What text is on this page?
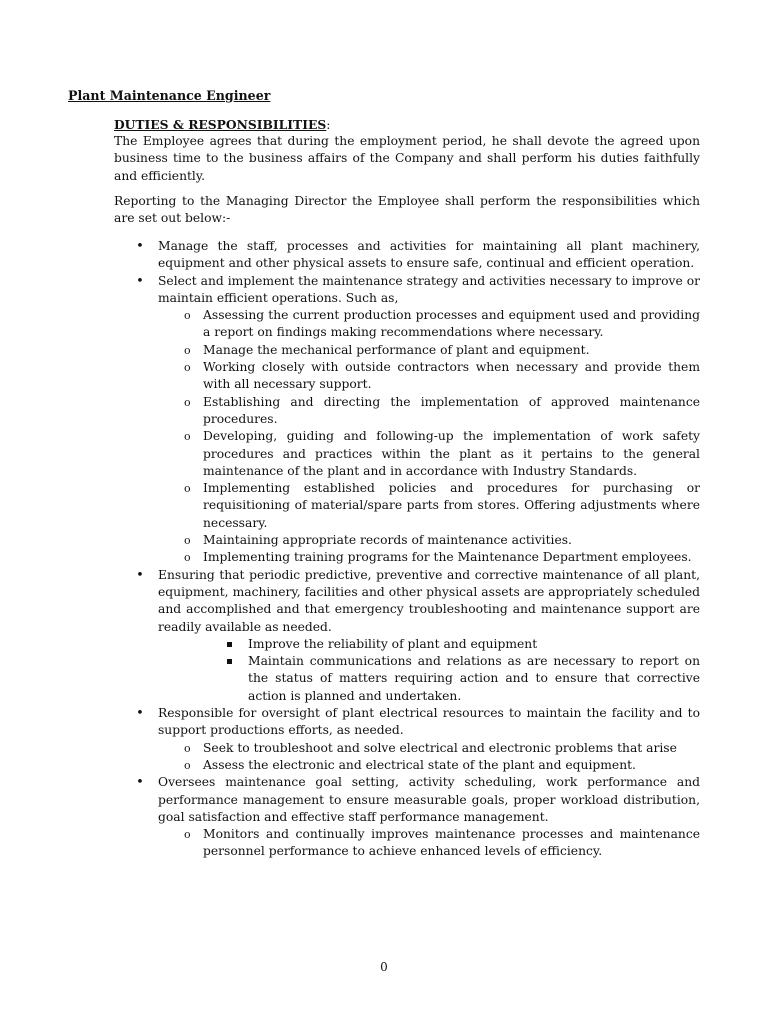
Plant Maintenance Engineer
DUTIES & RESPONSIBILITIES:

The Employee agrees that during the employment period, he shall devote the agreed upon business time to the business affairs of the Company and shall perform his duties faithfully and efficiently.

Reporting to the Managing Director the Employee shall perform the responsibilities which are set out below:-

• Manage the staff, processes and activities for maintaining all plant machinery, equipment and other physical assets to ensure safe, continual and efficient operation.
• Select and implement the maintenance strategy and activities necessary to improve or maintain efficient operations. Such as,
o Assessing the current production processes and equipment used and providing a report on findings making recommendations where necessary.
o Manage the mechanical performance of plant and equipment.
o Working closely with outside contractors when necessary and provide them with all necessary support.
o Establishing and directing the implementation of approved maintenance procedures.
o Developing, guiding and following-up the implementation of work safety procedures and practices within the plant as it pertains to the general maintenance of the plant and in accordance with Industry Standards.
o Implementing established policies and procedures for purchasing or requisitioning of material/spare parts from stores. Offering adjustments where necessary.
o Maintaining appropriate records of maintenance activities.
o Implementing training programs for the Maintenance Department employees.
• Ensuring that periodic predictive, preventive and corrective maintenance of all plant, equipment, machinery, facilities and other physical assets are appropriately scheduled and accomplished and that emergency troubleshooting and maintenance support are readily available as needed.
Improve the reliability of plant and equipment
Maintain communications and relations as are necessary to report on the status of matters requiring action and to ensure that corrective action is planned and undertaken.
• Responsible for oversight of plant electrical resources to maintain the facility and to support productions efforts, as needed.
o Seek to troubleshoot and solve electrical and electronic problems that arise
o Assess the electronic and electrical state of the plant and equipment.
• Oversees maintenance goal setting, activity scheduling, work performance and performance management to ensure measurable goals, proper workload distribution, goal satisfaction and effective staff performance management.
o Monitors and continually improves maintenance processes and maintenance personnel performance to achieve enhanced levels of efficiency.
0
